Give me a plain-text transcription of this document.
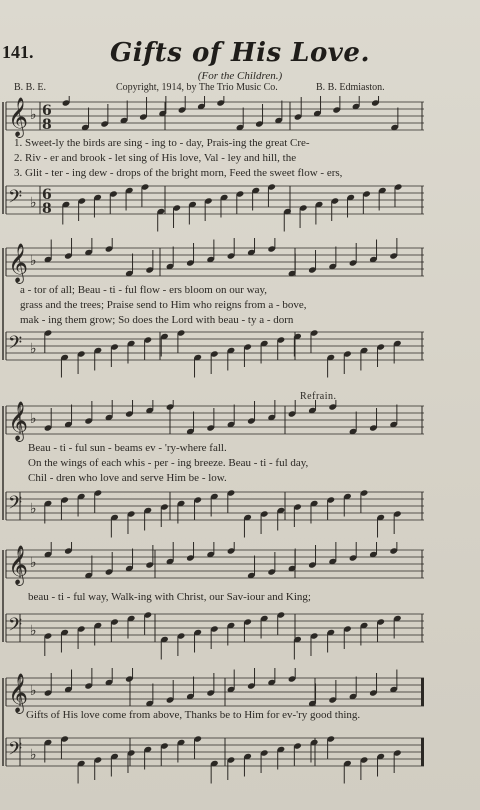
141.	Gifts of His Love.
(For the Children.)
B. B. E.	Copyright, 1914, by The Trio Music Co.	B. B. Edmiaston.
𝄞 ♭ 6
8
𝄢 ♭ 6
8
1. Sweet-ly the birds are sing - ing to - day, Prais-ing the great Cre-
2. Riv - er and brook - let sing of His love, Val - ley and hill, the
3. Glit - ter - ing dew - drops of the bright morn, Feed the sweet flow - ers,
𝄞 ♭
𝄢 ♭
a - tor of all; Beau - ti - ful flow - ers bloom on our way,
grass and the trees; Praise send to Him who reigns from a - bove,
mak - ing them grow; So does the Lord with beau - ty a - dorn
Refrain.
𝄞 ♭
𝄢 ♭
Beau - ti - ful sun - beams ev - 'ry-where fall.
On the wings of each whis - per - ing breeze. Beau - ti - ful day,
Chil - dren who love and serve Him be - low.
𝄞 ♭
𝄢 ♭
beau - ti - ful way, Walk-ing with Christ, our Sav-iour and King;
𝄞 ♭
𝄢 ♭
Gifts of His love come from above, Thanks be to Him for ev-'ry good thing.
